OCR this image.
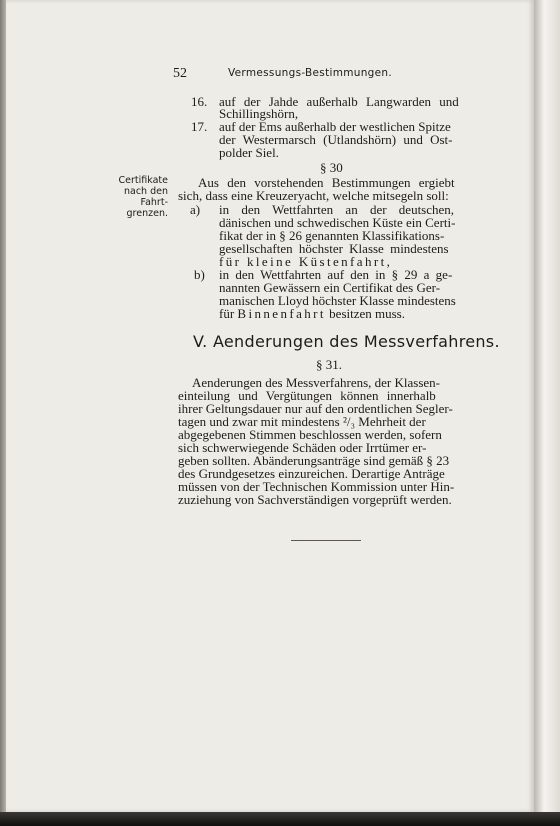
52	Vermessungs-Bestimmungen.
16. auf der Jahde außerhalb Langwarden und
Schillingshörn,
17. auf der Ems außerhalb der westlichen Spitze
der Westermarsch (Utlandshörn) und Ost-
polder Siel.
§ 30
Certifikate
nach den
Fahrt-
grenzen.
Aus den vorstehenden Bestimmungen ergiebt
sich, dass eine Kreuzeryacht, welche mitsegeln soll:
a) in den Wettfahrten an der deutschen,
dänischen und schwedischen Küste ein Certi-
fikat der in § 26 genannten Klassifikations-
gesellschaften höchster Klasse mindestens
für kleine Küstenfahrt,
b) in den Wettfahrten auf den in § 29 a ge-
nannten Gewässern ein Certifikat des Ger-
manischen Lloyd höchster Klasse mindestens
für Binnenfahrt besitzen muss.
V. Aenderungen des Messverfahrens.
§ 31.
Aenderungen des Messverfahrens, der Klassen-
einteilung und Vergütungen können innerhalb
ihrer Geltungsdauer nur auf den ordentlichen Segler-
tagen und zwar mit mindestens ²/₃ Mehrheit der
abgegebenen Stimmen beschlossen werden, sofern
sich schwerwiegende Schäden oder Irrtümer er-
geben sollten. Abänderungsanträge sind gemäß § 23
des Grundgesetzes einzureichen. Derartige Anträge
müssen von der Technischen Kommission unter Hin-
zuziehung von Sachverständigen vorgeprüft werden.
